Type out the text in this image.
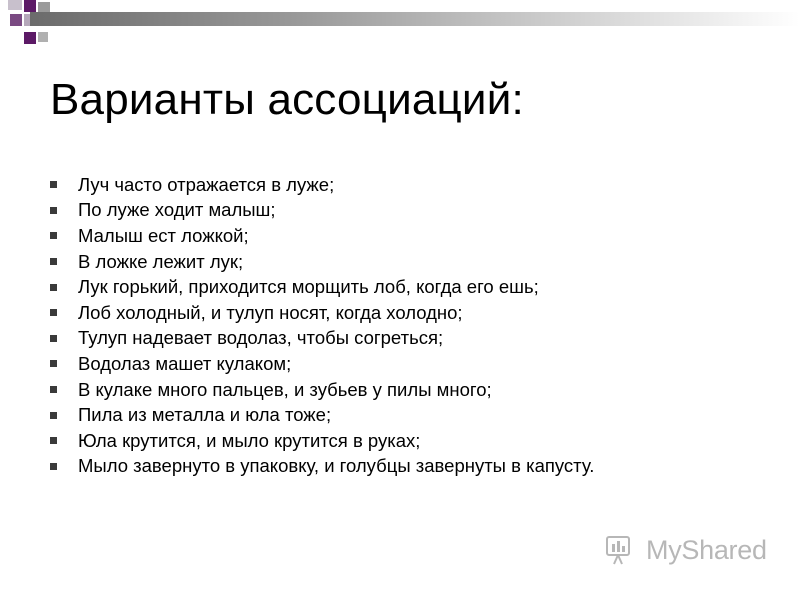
Варианты ассоциаций:
Луч часто отражается в луже;
По луже ходит малыш;
Малыш ест ложкой;
В ложке лежит лук;
Лук горький, приходится морщить лоб, когда его ешь;
Лоб холодный, и тулуп носят, когда холодно;
Тулуп надевает водолаз, чтобы согреться;
Водолаз машет кулаком;
В кулаке много пальцев, и зубьев у пилы много;
Пила из металла и юла тоже;
Юла крутится, и мыло крутится в руках;
Мыло завернуто в упаковку, и голубцы завернуты в капусту.
MyShared
